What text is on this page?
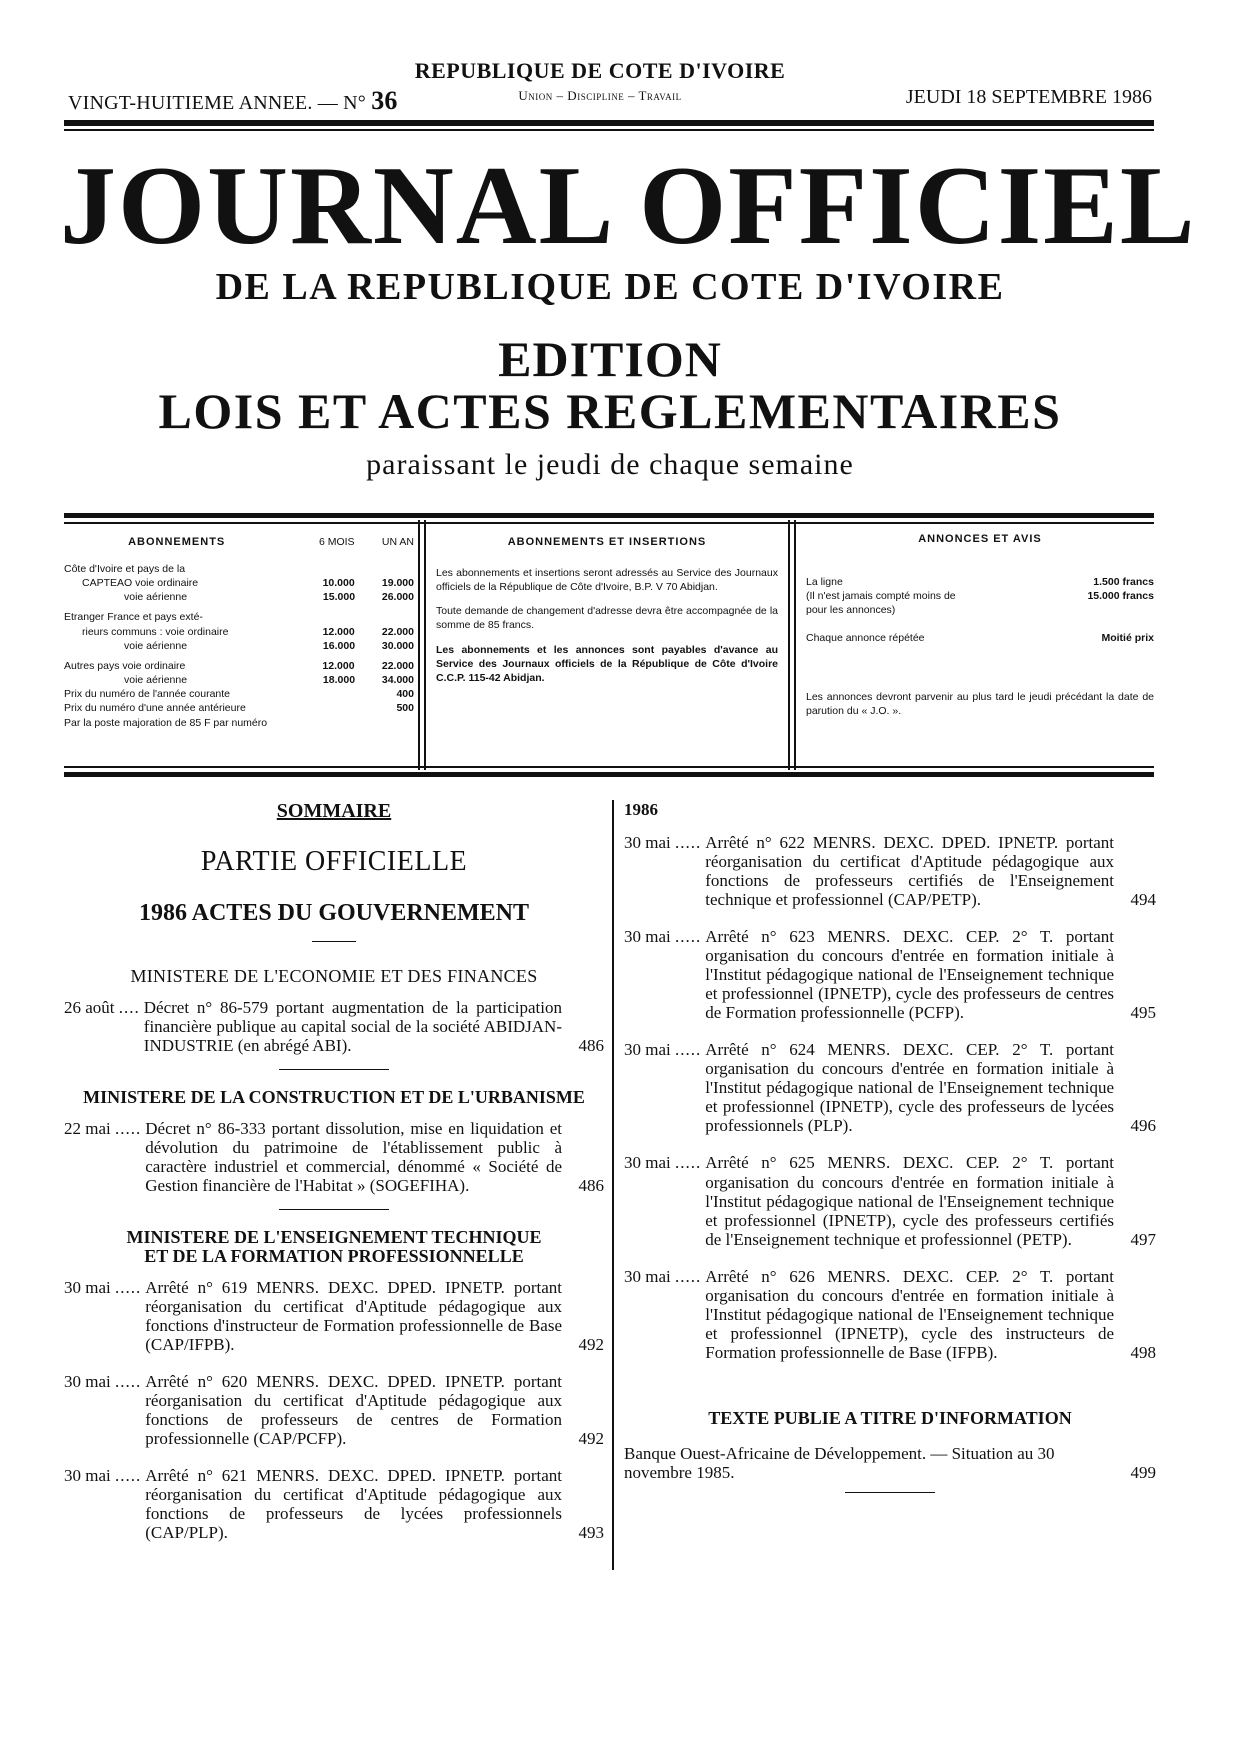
VINGT-HUITIEME ANNEE. — N° 36
REPUBLIQUE DE COTE D'IVOIRE
Union – Discipline – Travail	JEUDI 18 SEPTEMBRE 1986
JOURNAL OFFICIEL
DE LA REPUBLIQUE DE COTE D'IVOIRE
EDITION
LOIS ET ACTES REGLEMENTAIRES
paraissant le jeudi de chaque semaine
ABONNEMENTS	6 MOIS	UN AN
Côte d'Ivoire et pays de la
CAPTEAO voie ordinaire	10.000	19.000
voie aérienne	15.000	26.000
Etranger France et pays exté-
rieurs communs : voie ordinaire	12.000	22.000
voie aérienne	16.000	30.000
Autres pays voie ordinaire	12.000	22.000
voie aérienne	18.000	34.000
Prix du numéro de l'année courante	400
Prix du numéro d'une année antérieure	500
Par la poste majoration de 85 F par numéro
ABONNEMENTS ET INSERTIONS

Les abonnements et insertions seront adressés au Service des Journaux officiels de la République de Côte d'Ivoire, B.P. V 70 Abidjan.

Toute demande de changement d'adresse devra être accompagnée de la somme de 85 francs.

Les abonnements et les annonces sont payables d'avance au Service des Journaux officiels de la République de Côte d'Ivoire C.C.P. 115-42 Abidjan.

ANNONCES ET AVIS
La ligne	1.500 francs
(Il n'est jamais compté moins de	15.000 francs
pour les annonces)
Chaque annonce répétée	Moitié prix

Les annonces devront parvenir au plus tard le jeudi précédant la date de parution du « J.O. ».

SOMMAIRE
PARTIE OFFICIELLE
1986 ACTES DU GOUVERNEMENT
MINISTERE DE L'ECONOMIE ET DES FINANCES
26 août .... Décret n° 86-579 portant augmentation de la participation financière publique au capital social de la société ABIDJAN-INDUSTRIE (en abrégé ABI).	486
MINISTERE DE LA CONSTRUCTION ET DE L'URBANISME
22 mai ..... Décret n° 86-333 portant dissolution, mise en liquidation et dévolution du patrimoine de l'établissement public à caractère industriel et commercial, dénommé « Société de Gestion financière de l'Habitat » (SOGEFIHA).	486
MINISTERE DE L'ENSEIGNEMENT TECHNIQUE
ET DE LA FORMATION PROFESSIONNELLE
30 mai ..... Arrêté n° 619 MENRS. DEXC. DPED. IPNETP. portant réorganisation du certificat d'Aptitude pédagogique aux fonctions d'instructeur de Formation professionnelle de Base (CAP/IFPB).	492
30 mai ..... Arrêté n° 620 MENRS. DEXC. DPED. IPNETP. portant réorganisation du certificat d'Aptitude pédagogique aux fonctions de professeurs de centres de Formation professionnelle (CAP/PCFP).	492
30 mai ..... Arrêté n° 621 MENRS. DEXC. DPED. IPNETP. portant réorganisation du certificat d'Aptitude pédagogique aux fonctions de professeurs de lycées professionnels (CAP/PLP).	493
1986
30 mai ..... Arrêté n° 622 MENRS. DEXC. DPED. IPNETP. portant réorganisation du certificat d'Aptitude pédagogique aux fonctions de professeurs certifiés de l'Enseignement technique et professionnel (CAP/PETP).	494
30 mai ..... Arrêté n° 623 MENRS. DEXC. CEP. 2° T. portant organisation du concours d'entrée en formation initiale à l'Institut pédagogique national de l'Enseignement technique et professionnel (IPNETP), cycle des professeurs de centres de Formation professionnelle (PCFP).	495
30 mai ..... Arrêté n° 624 MENRS. DEXC. CEP. 2° T. portant organisation du concours d'entrée en formation initiale à l'Institut pédagogique national de l'Enseignement technique et professionnel (IPNETP), cycle des professeurs de lycées professionnels (PLP).	496
30 mai ..... Arrêté n° 625 MENRS. DEXC. CEP. 2° T. portant organisation du concours d'entrée en formation initiale à l'Institut pédagogique national de l'Enseignement technique et professionnel (IPNETP), cycle des professeurs certifiés de l'Enseignement technique et professionnel (PETP).	497
30 mai ..... Arrêté n° 626 MENRS. DEXC. CEP. 2° T. portant organisation du concours d'entrée en formation initiale à l'Institut pédagogique national de l'Enseignement technique et professionnel (IPNETP), cycle des instructeurs de Formation professionnelle de Base (IFPB).	498
TEXTE PUBLIE A TITRE D'INFORMATION
Banque Ouest-Africaine de Développement. — Situation au 30 novembre 1985.	499
